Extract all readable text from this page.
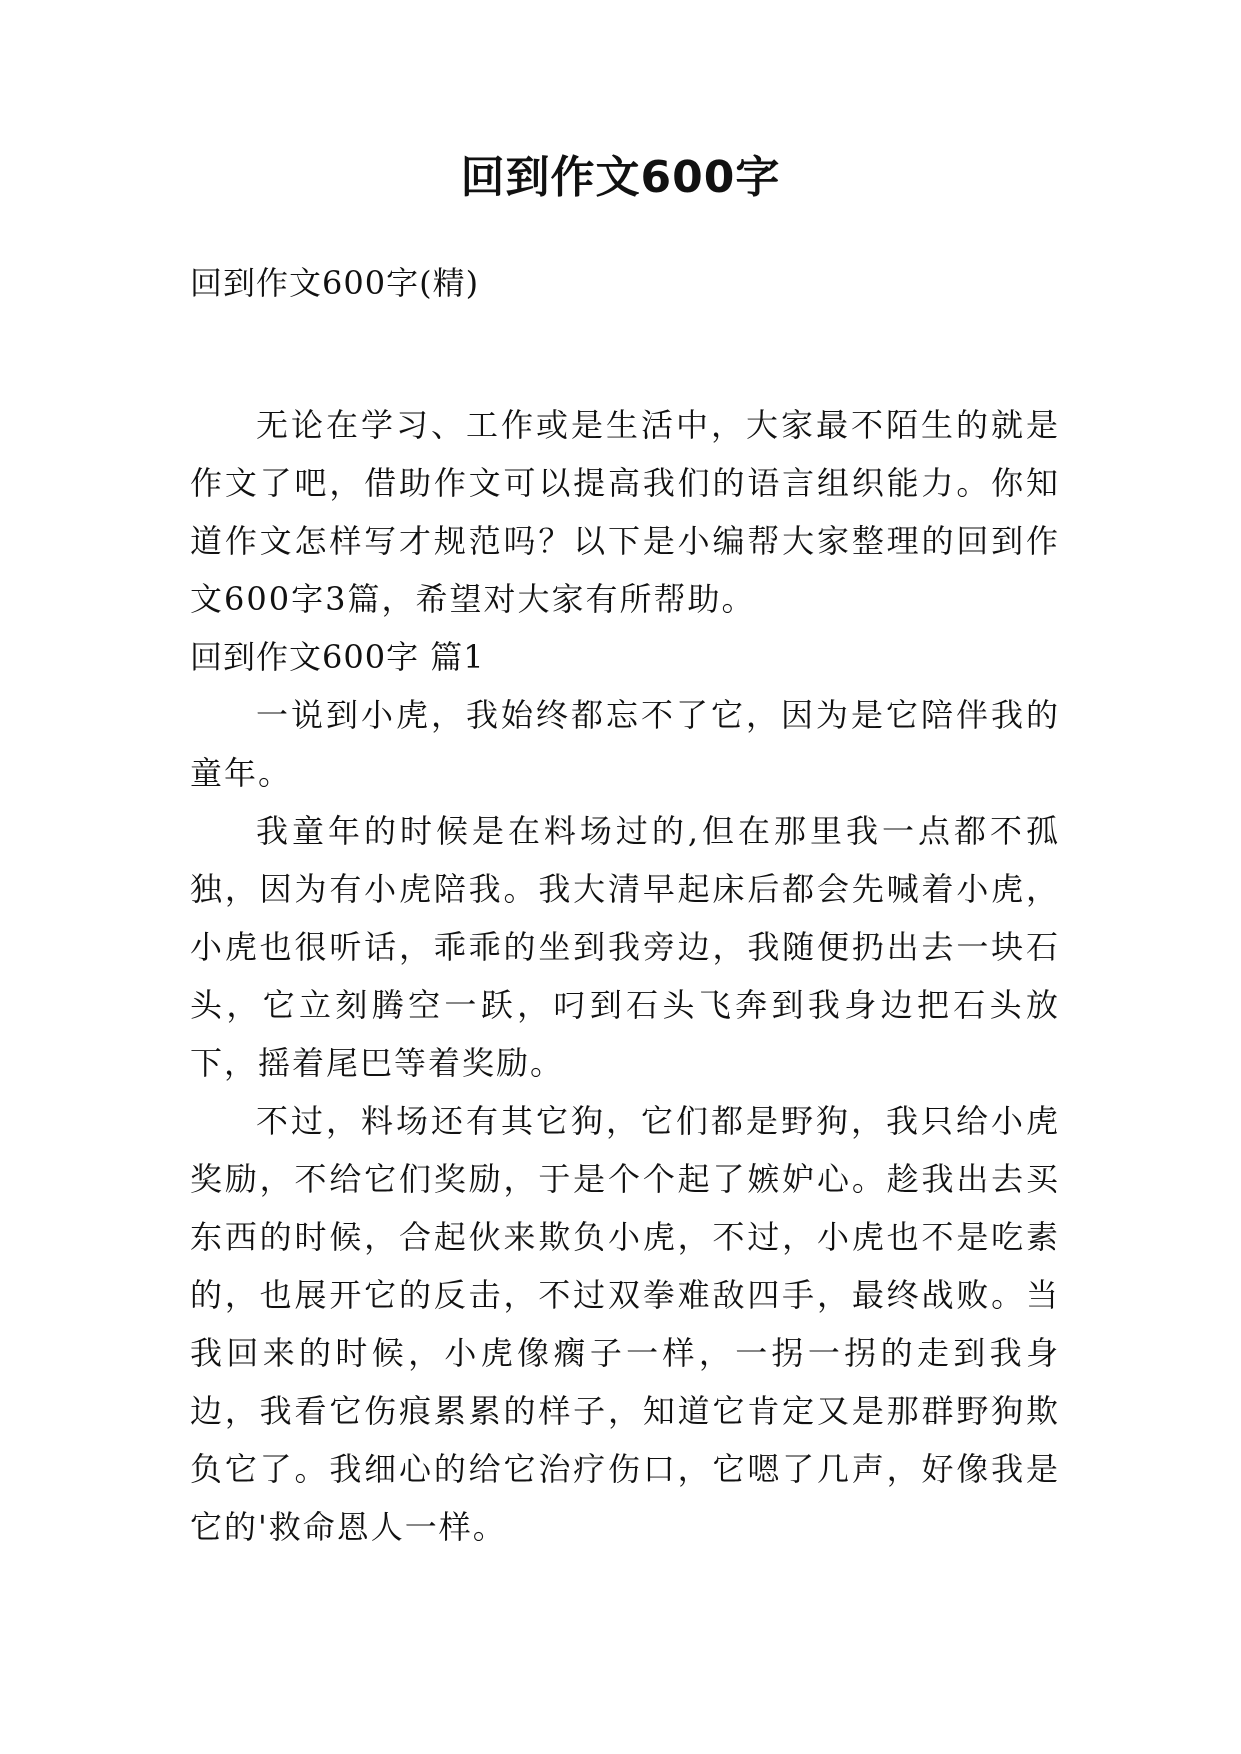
回到作文600字
回到作文600字(精)

无论在学习、工作或是生活中，大家最不陌生的就是作文了吧，借助作文可以提高我们的语言组织能力。你知道作文怎样写才规范吗？以下是小编帮大家整理的回到作文600字3篇，希望对大家有所帮助。

回到作文600字 篇1

一说到小虎，我始终都忘不了它，因为是它陪伴我的童年。

我童年的时候是在料场过的,但在那里我一点都不孤独，因为有小虎陪我。我大清早起床后都会先喊着小虎，小虎也很听话，乖乖的坐到我旁边，我随便扔出去一块石头，它立刻腾空一跃，叼到石头飞奔到我身边把石头放下，摇着尾巴等着奖励。

不过，料场还有其它狗，它们都是野狗，我只给小虎奖励，不给它们奖励，于是个个起了嫉妒心。趁我出去买东西的时候，合起伙来欺负小虎，不过，小虎也不是吃素的，也展开它的反击，不过双拳难敌四手，最终战败。当我回来的时候，小虎像瘸子一样，一拐一拐的走到我身边，我看它伤痕累累的样子，知道它肯定又是那群野狗欺负它了。我细心的给它治疗伤口，它嗯了几声，好像我是它的'救命恩人一样。
